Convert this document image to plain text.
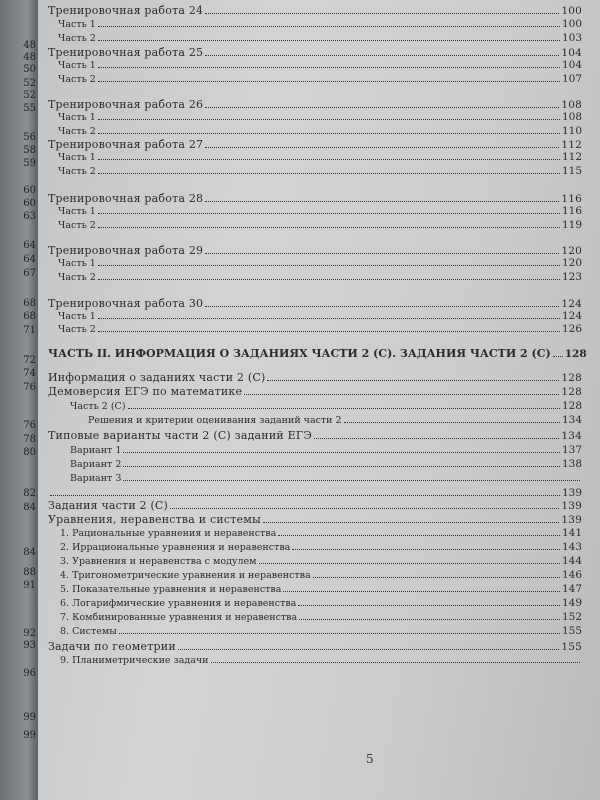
48
48
50
52
52
55
56
58
59
60
60
63
64
64
67
68
68
71
72
74
76
76
78
80
82
84
84
88
91
92
93
96
99
99
5
Тренировочная работа 24	100
Часть 1	100
Часть 2	103
Тренировочная работа 25	104
Часть 1	104
Часть 2	107
Тренировочная работа 26	108
Часть 1	108
Часть 2	110
Тренировочная работа 27	112
Часть 1	112
Часть 2	115
Тренировочная работа 28	116
Часть 1	116
Часть 2	119
Тренировочная работа 29	120
Часть 1	120
Часть 2	123
Тренировочная работа 30	124
Часть 1	124
Часть 2	126
ЧАСТЬ II. ИНФОРМАЦИЯ О ЗАДАНИЯХ ЧАСТИ 2 (С). ЗАДАНИЯ ЧАСТИ 2 (С) 128
Информация о заданиях части 2 (С)	128
Демоверсия ЕГЭ по математике	128
Часть 2 (С)	128
Решения и критерии оценивания заданий части 2	134
Типовые варианты части 2 (С) заданий ЕГЭ	134
Вариант 1	137
Вариант 2	138
Вариант 3
139
Задания части 2 (С)	139
Уравнения, неравенства и системы	139
1. Рациональные уравнения и неравенства	141
2. Иррациональные уравнения и неравенства	143
3. Уравнения и неравенства с модулем	144
4. Тригонометрические уравнения и неравенства	146
5. Показательные уравнения и неравенства	147
6. Логарифмические уравнения и неравенства	149
7. Комбинированные уравнения и неравенства	152
8. Системы	155
Задачи по геометрии	155
9. Планиметрические задачи
